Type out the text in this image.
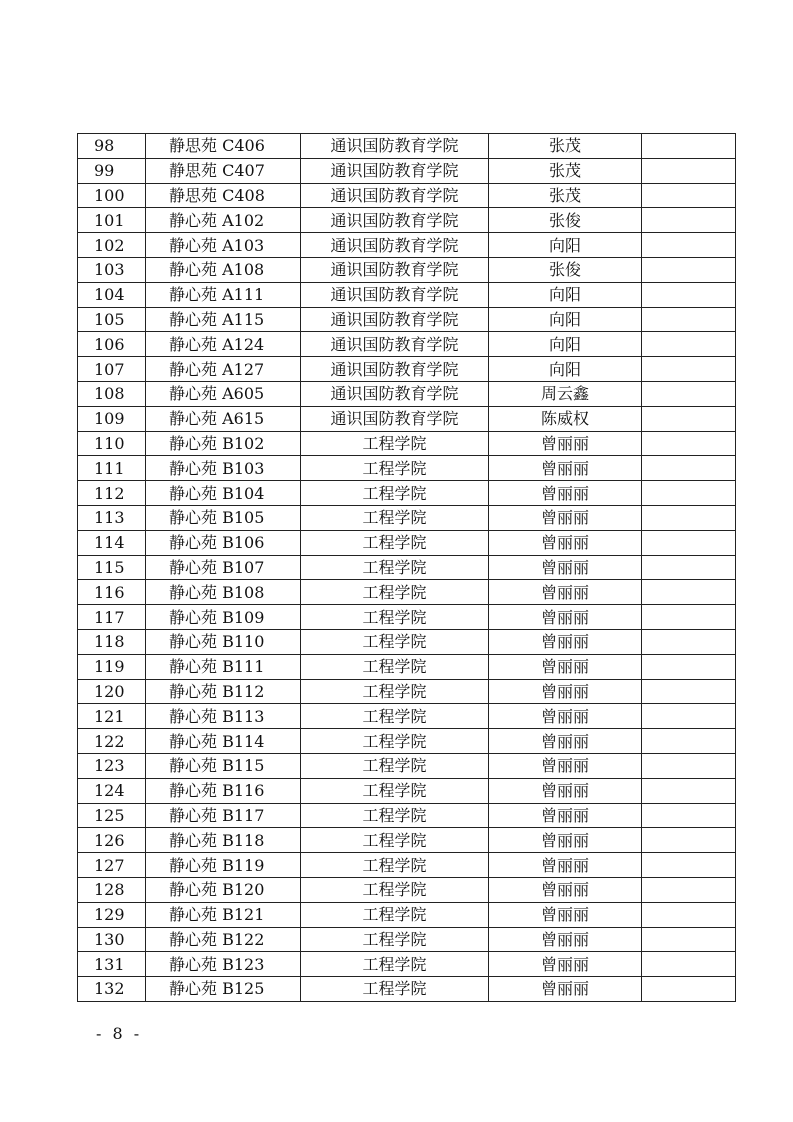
98	静思苑 C406	通识国防教育学院	张茂	
99	静思苑 C407	通识国防教育学院	张茂	
100	静思苑 C408	通识国防教育学院	张茂	
101	静心苑 A102	通识国防教育学院	张俊	
102	静心苑 A103	通识国防教育学院	向阳	
103	静心苑 A108	通识国防教育学院	张俊	
104	静心苑 A111	通识国防教育学院	向阳	
105	静心苑 A115	通识国防教育学院	向阳	
106	静心苑 A124	通识国防教育学院	向阳	
107	静心苑 A127	通识国防教育学院	向阳	
108	静心苑 A605	通识国防教育学院	周云鑫	
109	静心苑 A615	通识国防教育学院	陈威权	
110	静心苑 B102	工程学院	曾丽丽	
111	静心苑 B103	工程学院	曾丽丽	
112	静心苑 B104	工程学院	曾丽丽	
113	静心苑 B105	工程学院	曾丽丽	
114	静心苑 B106	工程学院	曾丽丽	
115	静心苑 B107	工程学院	曾丽丽	
116	静心苑 B108	工程学院	曾丽丽	
117	静心苑 B109	工程学院	曾丽丽	
118	静心苑 B110	工程学院	曾丽丽	
119	静心苑 B111	工程学院	曾丽丽	
120	静心苑 B112	工程学院	曾丽丽	
121	静心苑 B113	工程学院	曾丽丽	
122	静心苑 B114	工程学院	曾丽丽	
123	静心苑 B115	工程学院	曾丽丽	
124	静心苑 B116	工程学院	曾丽丽	
125	静心苑 B117	工程学院	曾丽丽	
126	静心苑 B118	工程学院	曾丽丽	
127	静心苑 B119	工程学院	曾丽丽	
128	静心苑 B120	工程学院	曾丽丽	
129	静心苑 B121	工程学院	曾丽丽	
130	静心苑 B122	工程学院	曾丽丽	
131	静心苑 B123	工程学院	曾丽丽	
132	静心苑 B125	工程学院	曾丽丽	
- 8 -
